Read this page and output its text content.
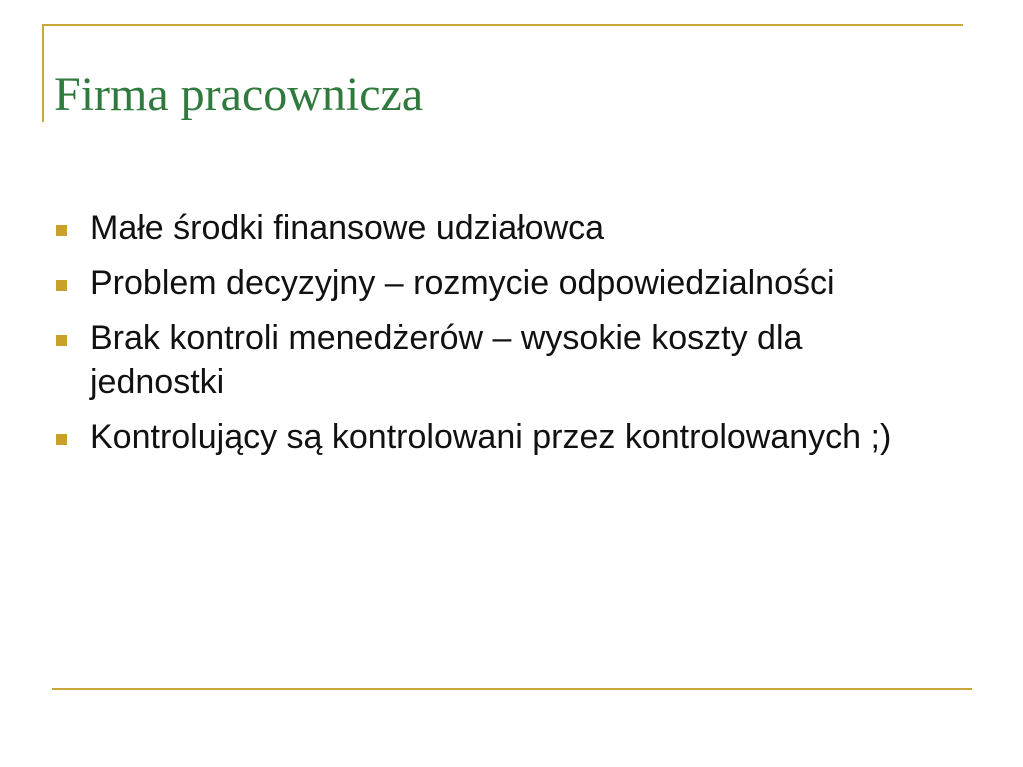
Firma pracownicza
Małe środki finansowe udziałowca
Problem decyzyjny – rozmycie odpowiedzialności
Brak kontroli menedżerów – wysokie koszty dla jednostki
Kontrolujący są kontrolowani przez kontrolowanych ;)
